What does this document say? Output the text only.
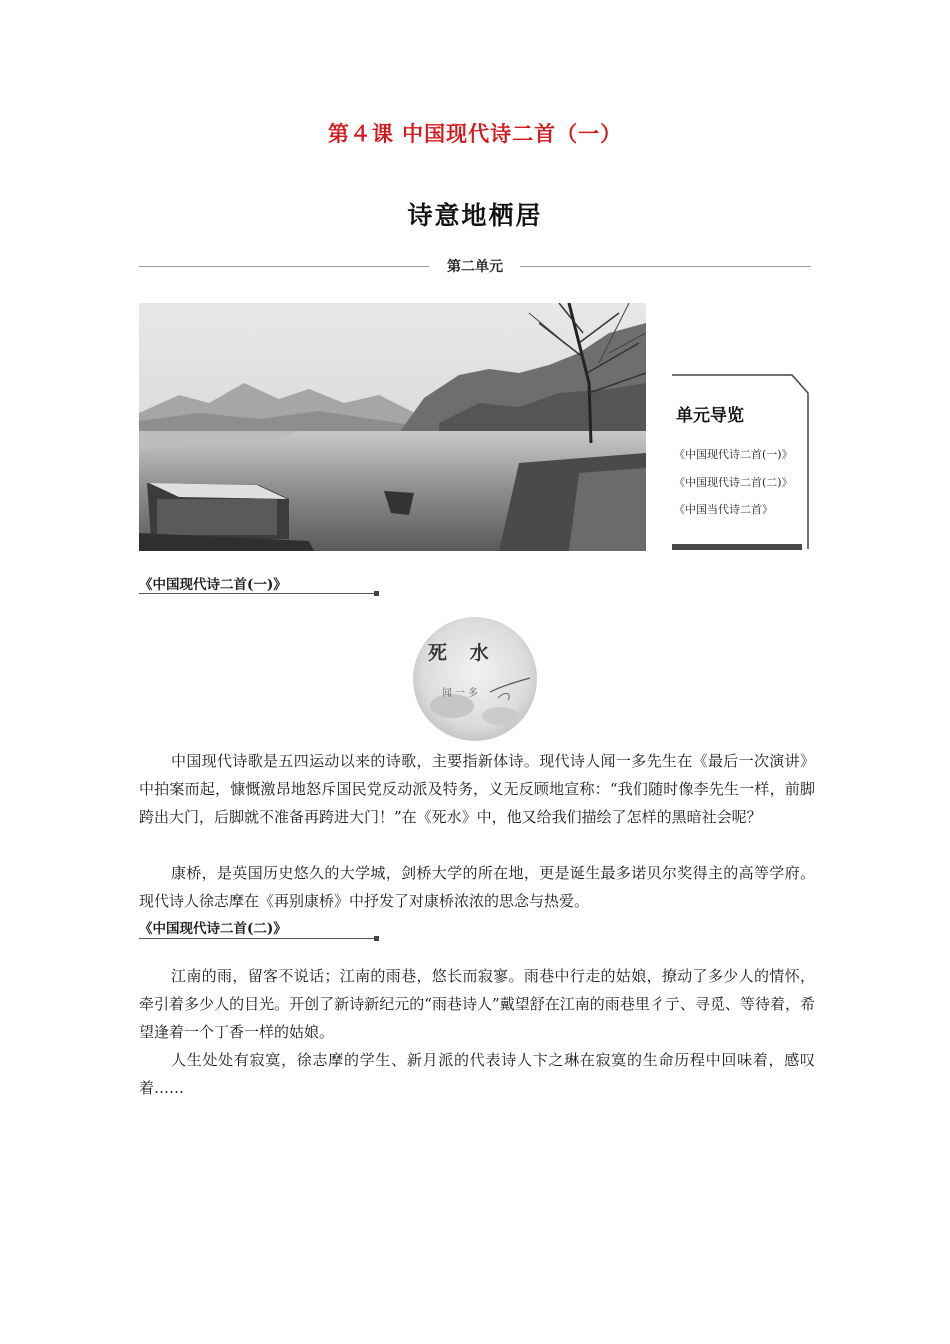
第４课 中国现代诗二首（一）
诗意地栖居
第二单元
单元导览
《中国现代诗二首(一)》
《中国现代诗二首(二)》
《中国当代诗二首》
《中国现代诗二首(一)》
死 水
闻一多

中国现代诗歌是五四运动以来的诗歌，主要指新体诗。现代诗人闻一多先生在《最后一次演讲》中拍案而起，慷慨激昂地怒斥国民党反动派及特务，义无反顾地宣称：“我们随时像李先生一样，前脚跨出大门，后脚就不准备再跨进大门！”在《死水》中，他又给我们描绘了怎样的黑暗社会呢？

康桥，是英国历史悠久的大学城，剑桥大学的所在地，更是诞生最多诺贝尔奖得主的高等学府。现代诗人徐志摩在《再别康桥》中抒发了对康桥浓浓的思念与热爱。

《中国现代诗二首(二)》

江南的雨，留客不说话；江南的雨巷，悠长而寂寥。雨巷中行走的姑娘，撩动了多少人的情怀，牵引着多少人的目光。开创了新诗新纪元的“雨巷诗人”戴望舒在江南的雨巷里彳亍、寻觅、等待着，希望逢着一个丁香一样的姑娘。

人生处处有寂寞，徐志摩的学生、新月派的代表诗人卞之琳在寂寞的生命历程中回味着，感叹着……
